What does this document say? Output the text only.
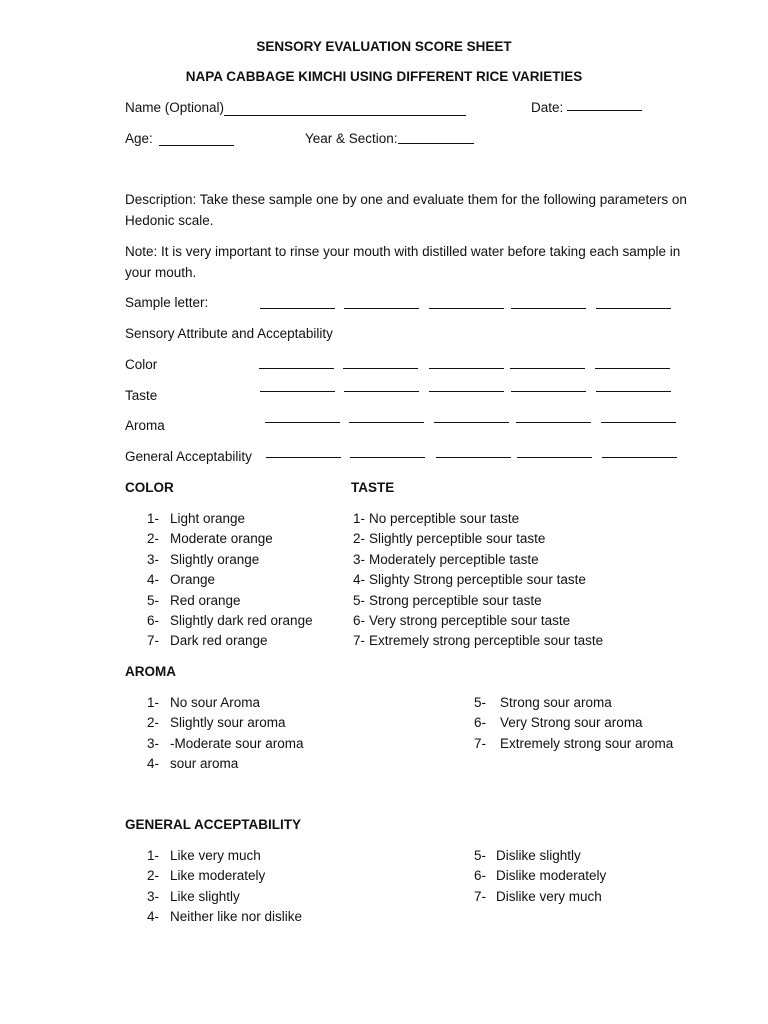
SENSORY EVALUATION SCORE SHEET
NAPA CABBAGE KIMCHI USING DIFFERENT RICE VARIETIES
Name (Optional)	Date:
Age:	Year & Section:
Description: Take these sample one by one and evaluate them for the following parameters on
Hedonic scale.
Note: It is very important to rinse your mouth with distilled water before taking each sample in
your mouth.
Sample letter:
Sensory Attribute and Acceptability
Color
Taste
Aroma
General Acceptability
COLOR
1- Light orange
2- Moderate orange
3- Slightly orange
4- Orange
5- Red orange
6- Slightly dark red orange
7- Dark red orange
TASTE
1- No perceptible sour taste
2- Slightly perceptible sour taste
3- Moderately perceptible taste
4- Slighty Strong perceptible sour taste
5- Strong perceptible sour taste
6- Very strong perceptible sour taste
7- Extremely strong perceptible sour taste
AROMA
1- No sour Aroma
2- Slightly sour aroma
3- -Moderate sour aroma
4- sour aroma
5- Strong sour aroma
6- Very Strong sour aroma
7- Extremely strong sour aroma
GENERAL ACCEPTABILITY
1- Like very much
2- Like moderately
3- Like slightly
4- Neither like nor dislike
5- Dislike slightly
6- Dislike moderately
7- Dislike very much
